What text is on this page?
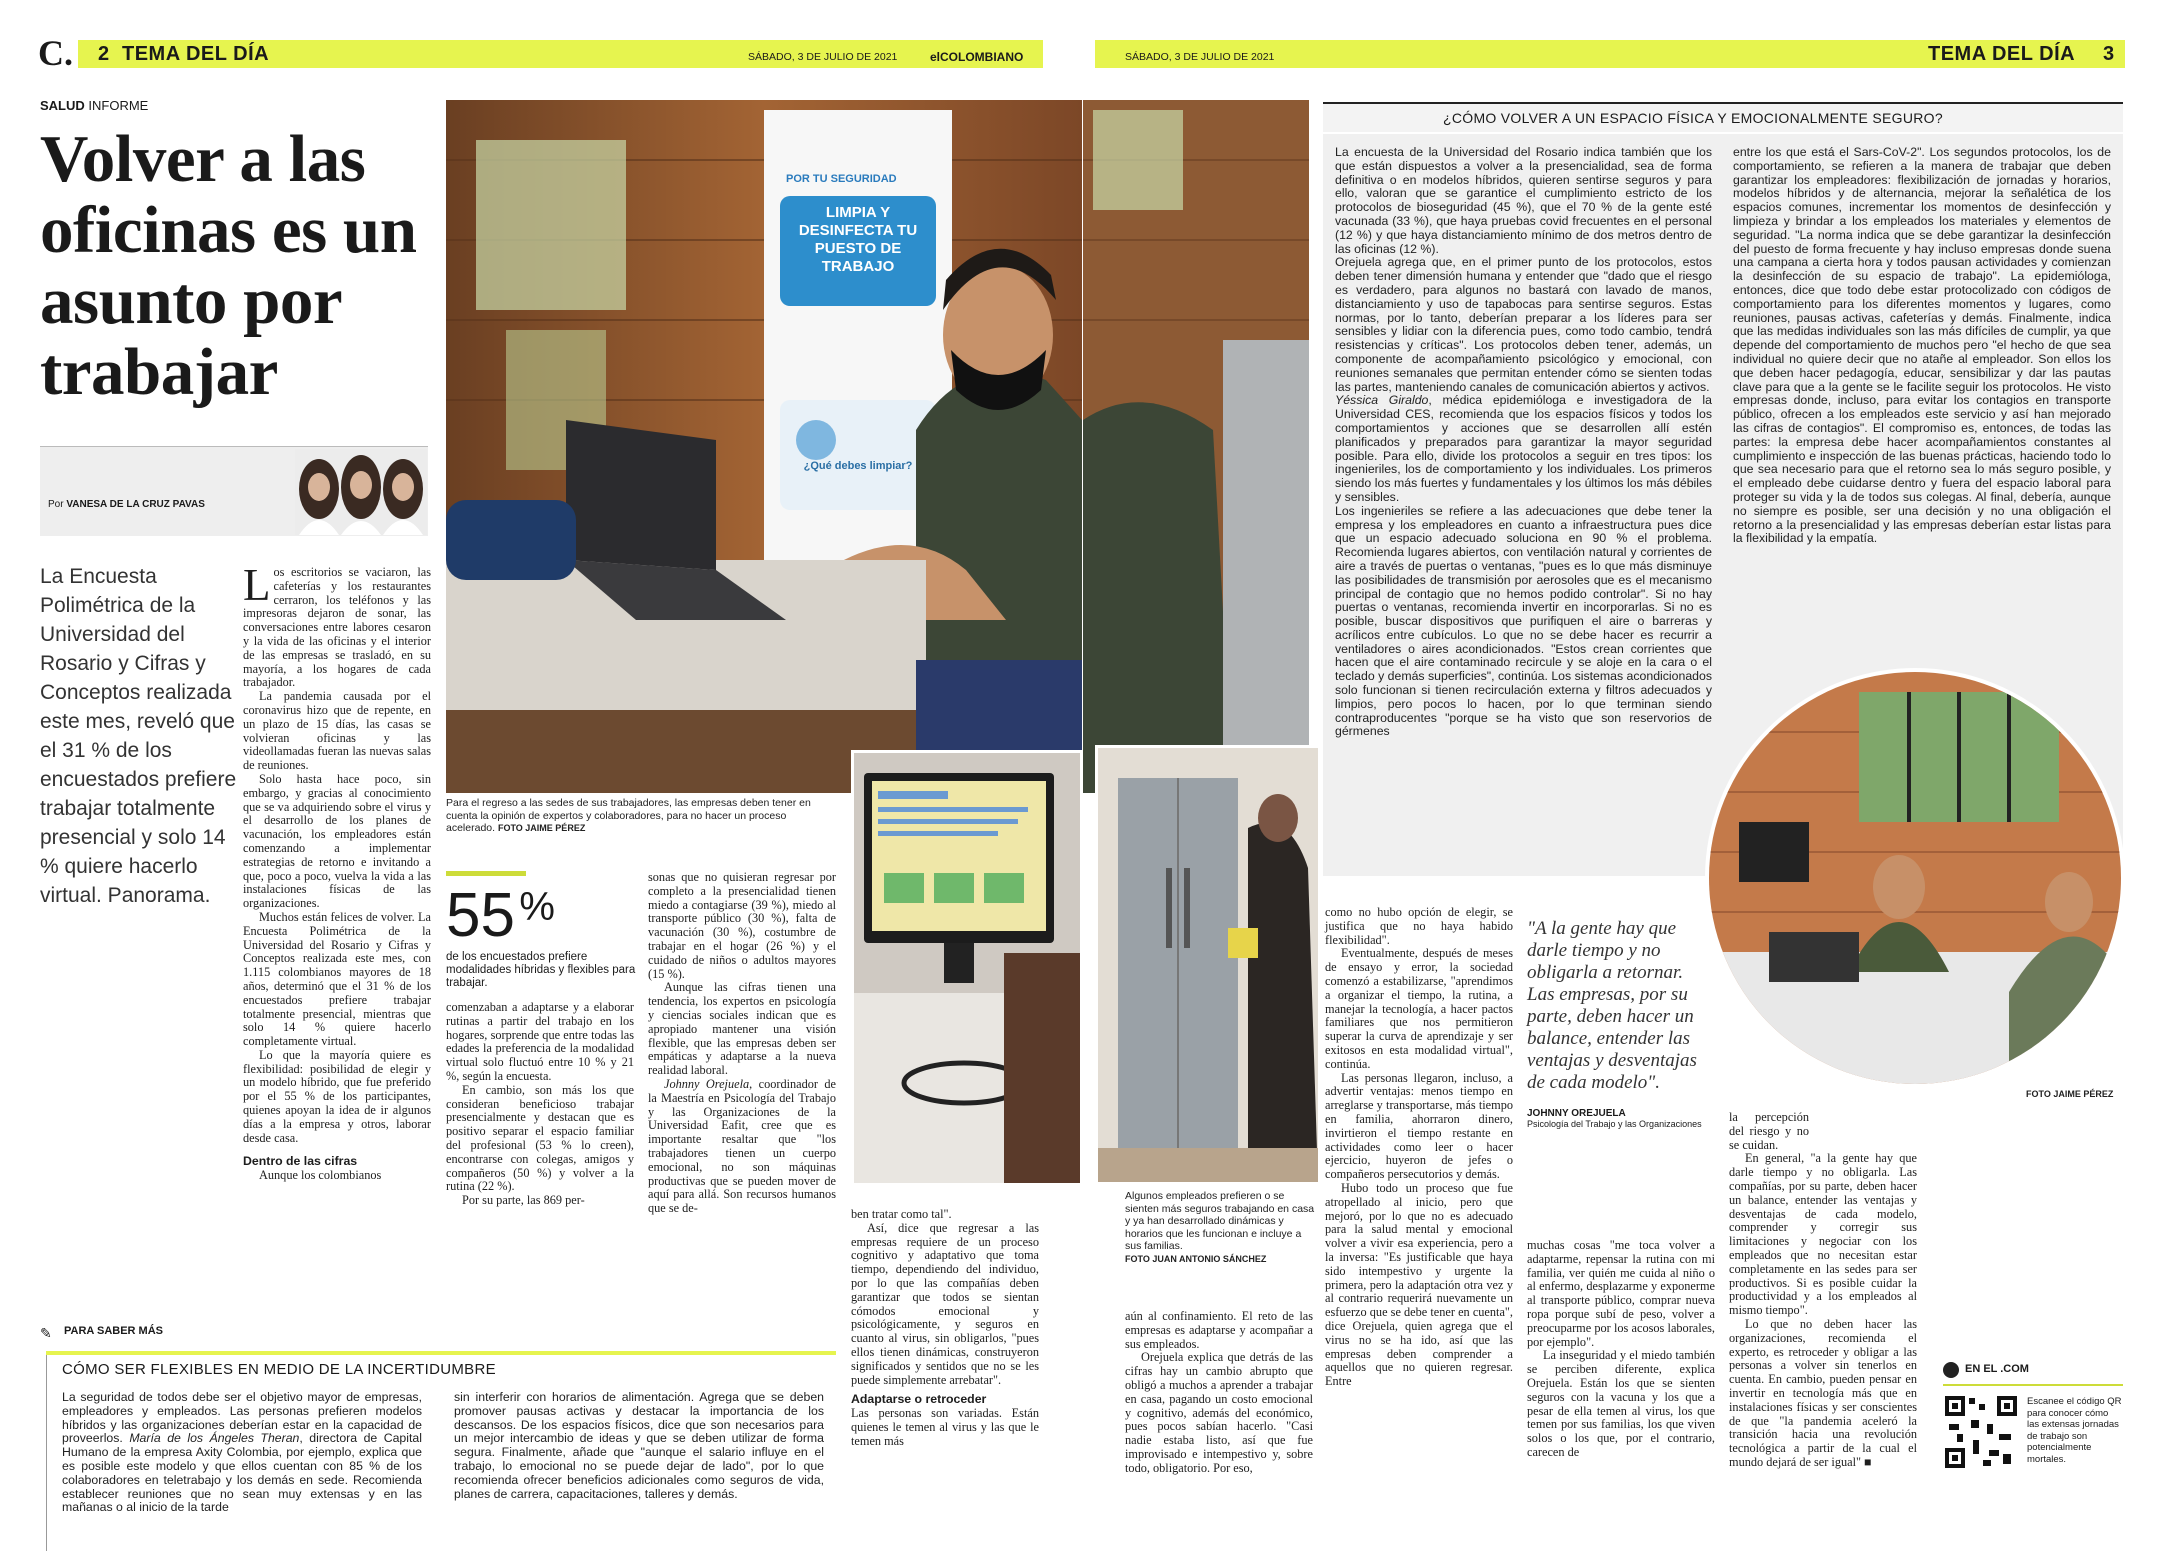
C. 2 TEMA DEL DÍA	SÁBADO, 3 DE JULIO DE 2021	elCOLOMBIANO
SALUD INFORME
Volver a las oficinas es un asunto por trabajar
Por VANESA DE LA CRUZ PAVAS
La Encuesta Polimétrica de la Universidad del Rosario y Cifras y Conceptos realizada este mes, reveló que el 31 % de los encuestados prefiere trabajar totalmente presencial y solo 14 % quiere hacerlo virtual. Panorama.

Los escritorios se vaciaron, las cafeterías y los restaurantes cerraron, los teléfonos y las impresoras dejaron de sonar, las conversaciones entre labores cesaron y la vida de las oficinas y el interior de las empresas se trasladó, en su mayoría, a los hogares de cada trabajador.

La pandemia causada por el coronavirus hizo que de repente, en un plazo de 15 días, las casas se volvieran oficinas y las videollamadas fueran las nuevas salas de reuniones.

Solo hasta hace poco, sin embargo, y gracias al conocimiento que se va adquiriendo sobre el virus y el desarrollo de los planes de vacunación, los empleadores están comenzando a implementar estrategias de retorno e invitando a que, poco a poco, vuelva la vida a las instalaciones físicas de las organizaciones.

Muchos están felices de volver. La Encuesta Polimétrica de la Universidad del Rosario y Cifras y Conceptos realizada este mes, con 1.115 colombianos mayores de 18 años, determinó que el 31 % de los encuestados prefiere trabajar totalmente presencial, mientras que solo 14 % quiere hacerlo completamente virtual.

Lo que la mayoría quiere es flexibilidad: posibilidad de elegir y un modelo híbrido, que fue preferido por el 55 % de los participantes, quienes apoyan la idea de ir algunos días a la empresa y otros, laborar desde casa.

Dentro de las cifras

Aunque los colombianos

POR TU SEGURIDAD
LIMPIA Y DESINFECTA TU PUESTO DE TRABAJO
¿Qué debes limpiar?
Para el regreso a las sedes de sus trabajadores, las empresas deben tener en cuenta la opinión de expertos y colaboradores, para no hacer un proceso acelerado. FOTO JAIME PÉREZ
55 %
de los encuestados prefiere modalidades híbridas y flexibles para trabajar.

comenzaban a adaptarse y a elaborar rutinas a partir del trabajo en los hogares, sorprende que entre todas las edades la preferencia de la modalidad virtual solo fluctuó entre 10 % y 21 %, según la encuesta.

En cambio, son más los que consideran beneficioso trabajar presencialmente y destacan que es positivo separar el espacio familiar del profesional (53 % lo creen), encontrarse con colegas, amigos y compañeros (50 %) y volver a la rutina (22 %).

Por su parte, las 869 per-

sonas que no quisieran regresar por completo a la presencialidad tienen miedo a contagiarse (39 %), miedo al transporte público (30 %), falta de vacunación (30 %), costumbre de trabajar en el hogar (26 %) y el cuidado de niños o adultos mayores (15 %).

Aunque las cifras tienen una tendencia, los expertos en psicología y ciencias sociales indican que es apropiado mantener una visión flexible, que las empresas deben ser empáticas y adaptarse a la nueva realidad laboral.

Johnny Orejuela, coordinador de la Maestría en Psicología del Trabajo y las Organizaciones de la Universidad Eafit, cree que es importante resaltar que "los trabajadores tienen un cuerpo emocional, no son máquinas productivas que se pueden mover de aquí para allá. Son recursos humanos que se de-	ben tratar como tal".

Así, dice que regresar a las empresas requiere de un proceso cognitivo y adaptativo que toma tiempo, dependiendo del individuo, por lo que las compañías deben garantizar que todos se sientan cómodos emocional y psicológicamente, y seguros en cuanto al virus, sin obligarlos, "pues ellos tienen dinámicas, construyeron significados y sentidos que no se les puede simplemente arrebatar".

Adaptarse o retroceder

Las personas son variadas. Están quienes le temen al virus y las que le temen más

✎	PARA SABER MÁS
CÓMO SER FLEXIBLES EN MEDIO DE LA INCERTIDUMBRE
La seguridad de todos debe ser el objetivo mayor de empresas, empleadores y empleados. Las personas prefieren modelos híbridos y las organizaciones deberían estar en la capacidad de proveerlos. María de los Ángeles Theran, directora de Capital Humano de la empresa Axity Colombia, por ejemplo, explica que es posible este modelo y que ellos cuentan con 85 % de los colaboradores en teletrabajo y los demás en sede. Recomienda establecer reuniones que no sean muy extensas y en las mañanas o al inicio de la tarde
sin interferir con horarios de alimentación. Agrega que se deben promover pausas activas y destacar la importancia de los descansos. De los espacios físicos, dice que son necesarios para un mejor intercambio de ideas y que se deben utilizar de forma segura. Finalmente, añade que "aunque el salario influye en el trabajo, lo emocional no se puede dejar de lado", por lo que recomienda ofrecer beneficios adicionales como seguros de vida, planes de carrera, capacitaciones, talleres y demás.
SÁBADO, 3 DE JULIO DE 2021	TEMA DEL DÍA 3
¿CÓMO VOLVER A UN ESPACIO FÍSICA Y EMOCIONALMENTE SEGURO?

La encuesta de la Universidad del Rosario indica también que los que están dispuestos a volver a la presencialidad, sea de forma definitiva o en modelos híbridos, quieren sentirse seguros y para ello, valoran que se garantice el cumplimiento estricto de los protocolos de bioseguridad (45 %), que el 70 % de la gente esté vacunada (33 %), que haya pruebas covid frecuentes en el personal (12 %) y que haya distanciamiento mínimo de dos metros dentro de las oficinas (12 %).

Orejuela agrega que, en el primer punto de los protocolos, estos deben tener dimensión humana y entender que "dado que el riesgo es verdadero, para algunos no bastará con lavado de manos, distanciamiento y uso de tapabocas para sentirse seguros. Estas normas, por lo tanto, deberían preparar a los líderes para ser sensibles y lidiar con la diferencia pues, como todo cambio, tendrá resistencias y críticas". Los protocolos deben tener, además, un componente de acompañamiento psicológico y emocional, con reuniones semanales que permitan entender cómo se sienten todas las partes, manteniendo canales de comunicación abiertos y activos.

Yéssica Giraldo, médica epidemióloga e investigadora de la Universidad CES, recomienda que los espacios físicos y todos los comportamientos y acciones que se desarrollen allí estén planificados y preparados para garantizar la mayor seguridad posible. Para ello, divide los protocolos a seguir en tres tipos: los ingenieriles, los de comportamiento y los individuales. Los primeros siendo los más fuertes y fundamentales y los últimos los más débiles y sensibles.

Los ingenieriles se refiere a las adecuaciones que debe tener la empresa y los empleadores en cuanto a infraestructura pues dice que un espacio adecuado soluciona en 90 % el problema. Recomienda lugares abiertos, con ventilación natural y corrientes de aire a través de puertas o ventanas, "pues es lo que más disminuye las posibilidades de transmisión por aerosoles que es el mecanismo principal de contagio que no hemos podido controlar". Si no hay puertas o ventanas, recomienda invertir en incorporarlas. Si no es posible, buscar dispositivos que purifiquen el aire o barreras y acrílicos entre cubículos. Lo que no se debe hacer es recurrir a ventiladores o aires acondicionados. "Estos crean corrientes que hacen que el aire contaminado recircule y se aloje en la cara o el teclado y demás superficies", continúa. Los sistemas acondicionados solo funcionan si tienen recirculación externa y filtros adecuados y limpios, pero pocos lo hacen, por lo que terminan siendo contraproducentes "porque se ha visto que son reservorios de gérmenes

entre los que está el Sars-CoV-2". Los segundos protocolos, los de comportamiento, se refieren a la manera de trabajar que deben garantizar los empleadores: flexibilización de jornadas y horarios, modelos híbridos y de alternancia, mejorar la señalética de los espacios comunes, incrementar los momentos de desinfección y limpieza y brindar a los empleados los materiales y elementos de seguridad. "La norma indica que se debe garantizar la desinfección del puesto de forma frecuente y hay incluso empresas donde suena una campana a cierta hora y todos pausan actividades y comienzan la desinfección de su espacio de trabajo". La epidemióloga, entonces, dice que todo debe estar protocolizado con códigos de comportamiento para los diferentes momentos y lugares, como reuniones, pausas activas, cafeterías y demás. Finalmente, indica que las medidas individuales son las más difíciles de cumplir, ya que depende del comportamiento de muchos pero "el hecho de que sea individual no quiere decir que no atañe al empleador. Son ellos los que deben hacer pedagogía, educar, sensibilizar y dar las pautas clave para que a la gente se le facilite seguir los protocolos. He visto empresas donde, incluso, para evitar los contagios en transporte público, ofrecen a los empleados este servicio y así han mejorado las cifras de contagios". El compromiso es, entonces, de todas las partes: la empresa debe hacer acompañamientos constantes al cumplimiento e inspección de las buenas prácticas, haciendo todo lo que sea necesario para que el retorno sea lo más seguro posible, y el empleado debe cuidarse dentro y fuera del espacio laboral para proteger su vida y la de todos sus colegas. Al final, debería, aunque no siempre es posible, ser una decisión y no una obligación el retorno a la presencialidad y las empresas deberían estar listas para la flexibilidad y la empatía.
Algunos empleados prefieren o se sienten más seguros trabajando en casa y ya han desarrollado dinámicas y horarios que les funcionan e incluye a sus familias.
FOTO JUAN ANTONIO SÁNCHEZ
FOTO JAIME PÉREZ

aún al confinamiento. El reto de las empresas es adaptarse y acompañar a sus empleados.

Orejuela explica que detrás de las cifras hay un cambio abrupto que obligó a muchos a aprender a trabajar en casa, pagando un costo emocional y cognitivo, además del económico, pues pocos sabían hacerlo. "Casi nadie estaba listo, así que fue improvisado e intempestivo y, sobre todo, obligatorio. Por eso,

como no hubo opción de elegir, se justifica que no haya habido flexibilidad".

Eventualmente, después de meses de ensayo y error, la sociedad comenzó a estabilizarse, "aprendimos a organizar el tiempo, la rutina, a manejar la tecnología, a hacer pactos familiares que nos permitieron superar la curva de aprendizaje y ser exitosos en esta modalidad virtual", continúa.

Las personas llegaron, incluso, a advertir ventajas: menos tiempo en arreglarse y transportarse, más tiempo en familia, ahorraron dinero, invirtieron el tiempo restante en actividades como leer o hacer ejercicio, huyeron de jefes o compañeros persecutorios y demás.

Hubo todo un proceso que fue atropellado al inicio, pero que mejoró, por lo que no es adecuado para la salud mental y emocional volver a vivir esa experiencia, pero a la inversa: "Es justificable que haya sido intempestivo y urgente la primera, pero la adaptación otra vez y al contrario requerirá nuevamente un esfuerzo que se debe tener en cuenta", dice Orejuela, quien agrega que el virus no se ha ido, así que las empresas deben comprender a aquellos que no quieren regresar. Entre

"A la gente hay que darle tiempo y no obligarla a retornar. Las empresas, por su parte, deben hacer un balance, entender las ventajas y desventajas de cada modelo".
JOHNNY OREJUELA
Psicología del Trabajo y las Organizaciones

muchas cosas "me toca volver a adaptarme, repensar la rutina con mi familia, ver quién me cuida al niño o al enfermo, desplazarme y exponerme al transporte público, comprar nueva ropa porque subí de peso, volver a preocuparme por los acosos laborales, por ejemplo".

La inseguridad y el miedo también se perciben diferente, explica Orejuela. Están los que se sienten seguros con la vacuna y los que a pesar de ella temen al virus, los que temen por sus familias, los que viven solos o los que, por el contrario, carecen de

la percepción del riesgo y no se cuidan.

En general, "a la gente hay que darle tiempo y no obligarla. Las compañías, por su parte, deben hacer un balance, entender las ventajas y desventajas de cada modelo, comprender y corregir sus limitaciones y negociar con los empleados que no necesitan estar completamente en las sedes para ser productivos. Si es posible cuidar la productividad y a los empleados al mismo tiempo".

Lo que no deben hacer las organizaciones, recomienda el experto, es retroceder y obligar a las personas a volver sin tenerlos en cuenta. En cambio, pueden pensar en invertir en tecnología más que en instalaciones físicas y ser conscientes de que "la pandemia aceleró la transición hacia una revolución tecnológica a partir de la cual el mundo dejará de ser igual" ■

EN EL .COM
Escanee el código QR para conocer cómo las extensas jornadas de trabajo son potencialmente mortales.
